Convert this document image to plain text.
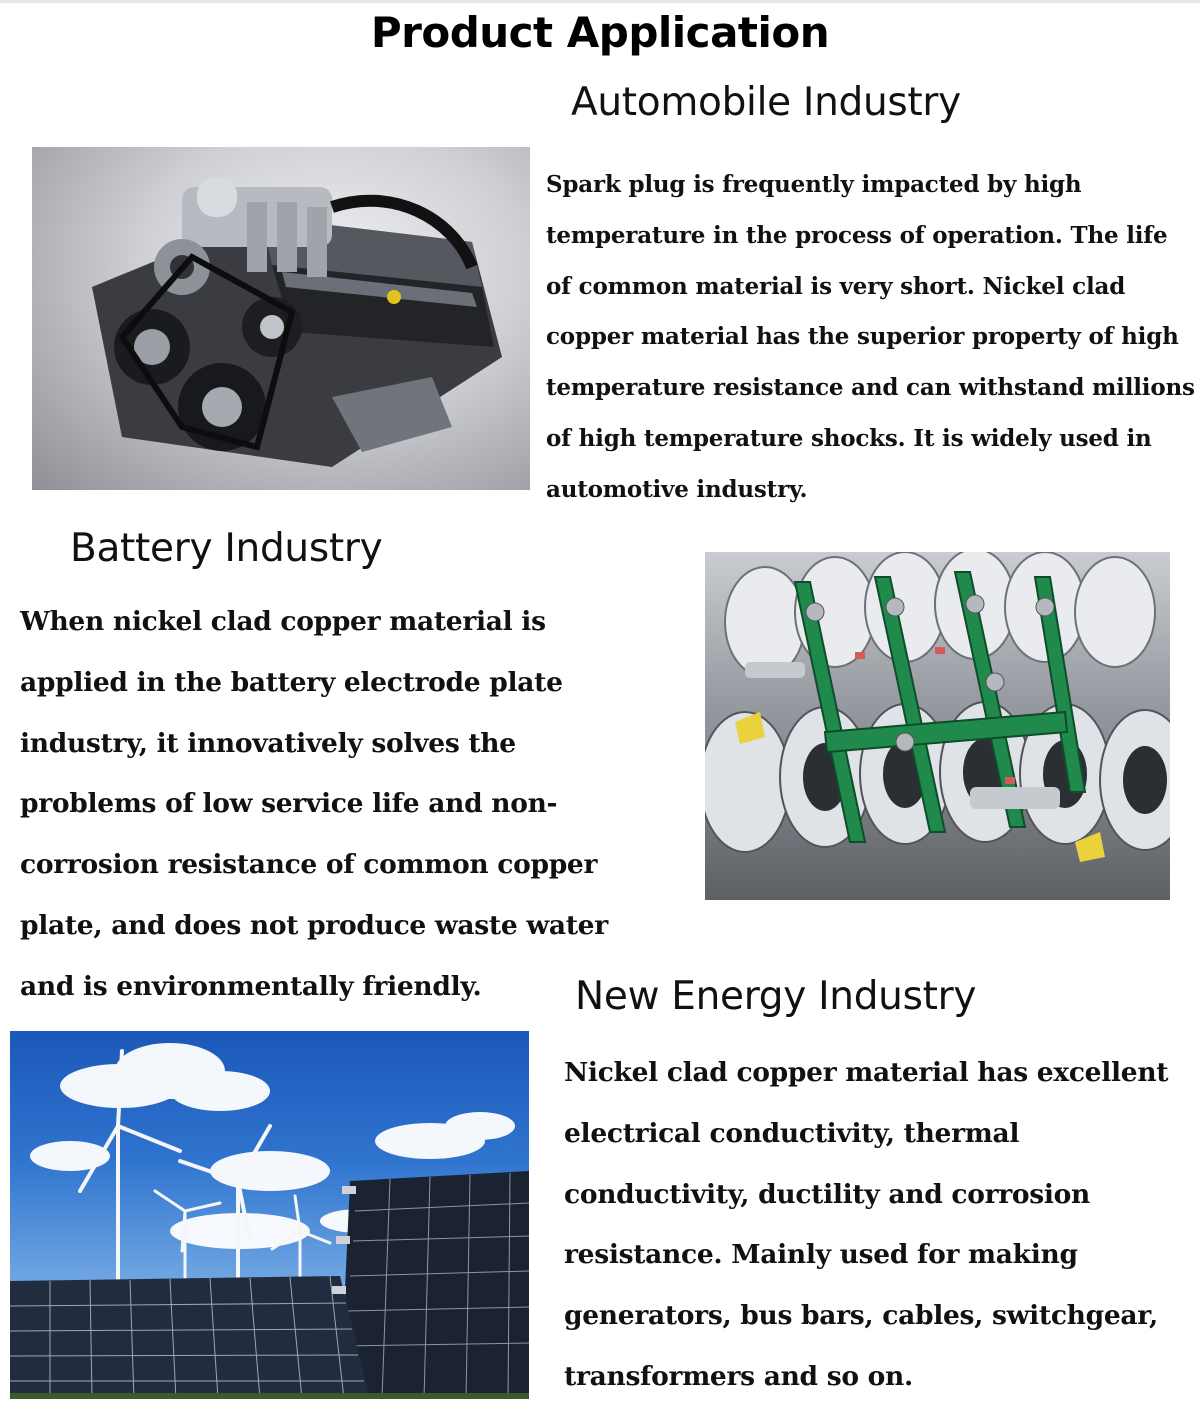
Product Application
Automobile Industry

Spark plug is frequently impacted by high temperature in the process of operation. The life of common material is very short. Nickel clad copper material has the superior property of high temperature resistance and can withstand millions of high temperature shocks. It is widely used in automotive industry.

Battery Industry

When nickel clad copper material is applied in the battery electrode plate industry, it innovatively solves the problems of low service life and non-corrosion resistance of common copper plate, and does not produce waste water and is environmentally friendly.	New Energy Industry

Nickel clad copper material has excellent electrical conductivity, thermal conductivity, ductility and corrosion resistance. Mainly used for making generators, bus bars, cables, switchgear, transformers and so on.
